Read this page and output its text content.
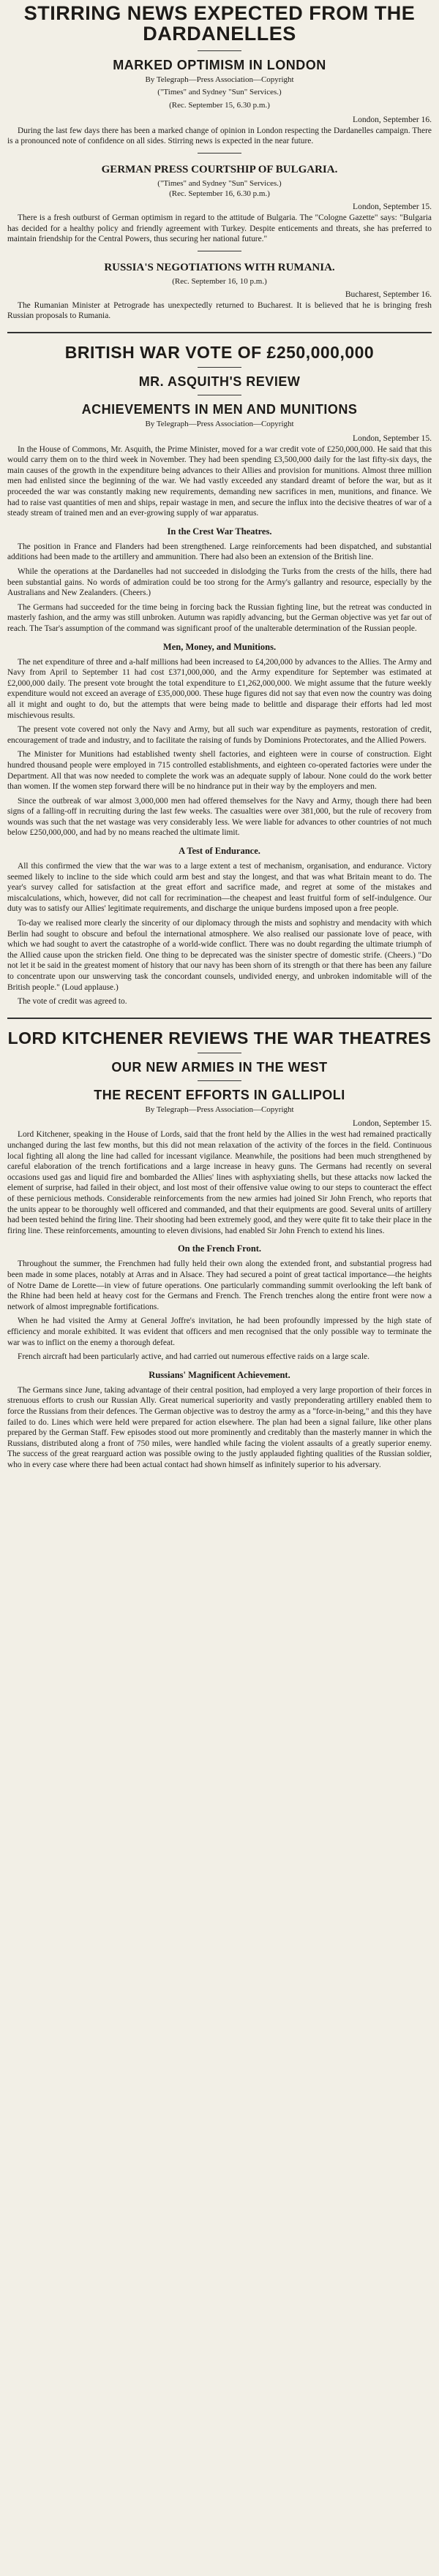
STIRRING NEWS EXPECTED FROM THE DARDANELLES
MARKED OPTIMISM IN LONDON
By Telegraph—Press Association—Copyright
("Times" and Sydney "Sun" Services.)
(Rec. September 15, 6.30 p.m.)
London, September 16.

During the last few days there has been a marked change of opinion in London respecting the Dardanelles campaign. There is a pronounced note of confidence on all sides. Stirring news is expected in the near future.

GERMAN PRESS COURTSHIP OF BULGARIA.
("Times" and Sydney "Sun" Services.)
(Rec. September 16, 6.30 p.m.)
London, September 15.

There is a fresh outburst of German optimism in regard to the attitude of Bulgaria. The "Cologne Gazette" says: "Bulgaria has decided for a healthy policy and friendly agreement with Turkey. Despite enticements and threats, she has preferred to maintain friendship for the Central Powers, thus securing her national future."

RUSSIA'S NEGOTIATIONS WITH RUMANIA.
(Rec. September 16, 10 p.m.)
Bucharest, September 16.

The Rumanian Minister at Petrograde has unexpectedly returned to Bucharest. It is believed that he is bringing fresh Russian proposals to Rumania.

BRITISH WAR VOTE OF £250,000,000
MR. ASQUITH'S REVIEW
ACHIEVEMENTS IN MEN AND MUNITIONS
By Telegraph—Press Association—Copyright
London, September 15.

In the House of Commons, Mr. Asquith, the Prime Minister, moved for a war credit vote of £250,000,000. He said that this would carry them on to the third week in November. They had been spending £3,500,000 daily for the last fifty-six days, the main causes of the growth in the expenditure being advances to their Allies and provision for munitions. Almost three million men had enlisted since the beginning of the war. We had vastly exceeded any standard dreamt of before the war, but as it proceeded the war was constantly making new requirements, demanding new sacrifices in men, munitions, and finance. We had to raise vast quantities of men and ships, repair wastage in men, and secure the influx into the decisive theatres of war of a steady stream of trained men and an ever-growing supply of war apparatus.

In the Crest War Theatres.

The position in France and Flanders had been strengthened. Large reinforcements had been dispatched, and substantial additions had been made to the artillery and ammunition. There had also been an extension of the British line.

While the operations at the Dardanelles had not succeeded in dislodging the Turks from the crests of the hills, there had been substantial gains. No words of admiration could be too strong for the Army's gallantry and resource, especially by the Australians and New Zealanders. (Cheers.)

The Germans had succeeded for the time being in forcing back the Russian fighting line, but the retreat was conducted in masterly fashion, and the army was still unbroken. Autumn was rapidly advancing, but the German objective was yet far out of reach. The Tsar's assumption of the command was significant proof of the unalterable determination of the Russian people.

Men, Money, and Munitions.

The net expenditure of three and a-half millions had been increased to £4,200,000 by advances to the Allies. The Army and Navy from April to September 11 had cost £371,000,000, and the Army expenditure for September was estimated at £2,000,000 daily. The present vote brought the total expenditure to £1,262,000,000. We might assume that the future weekly expenditure would not exceed an average of £35,000,000. These huge figures did not say that even now the country was doing all it might and ought to do, but the attempts that were being made to belittle and disparage their efforts had led most mischievous results.

The present vote covered not only the Navy and Army, but all such war expenditure as payments, restoration of credit, encouragement of trade and industry, and to facilitate the raising of funds by Dominions Protectorates, and the Allied Powers.

The Minister for Munitions had established twenty shell factories, and eighteen were in course of construction. Eight hundred thousand people were employed in 715 controlled establishments, and eighteen co-operated factories were under the Department. All that was now needed to complete the work was an adequate supply of labour. None could do the work better than women. If the women step forward there will be no hindrance put in their way by the employers and men.

Since the outbreak of war almost 3,000,000 men had offered themselves for the Navy and Army, though there had been signs of a falling-off in recruiting during the last few weeks. The casualties were over 381,000, but the rule of recovery from wounds was such that the net wastage was very considerably less. We were liable for advances to other countries of not much below £250,000,000, and had by no means reached the ultimate limit.

A Test of Endurance.

All this confirmed the view that the war was to a large extent a test of mechanism, organisation, and endurance. Victory seemed likely to incline to the side which could arm best and stay the longest, and that was what Britain meant to do. The year's survey called for satisfaction at the great effort and sacrifice made, and regret at some of the mistakes and miscalculations, which, however, did not call for recrimination—the cheapest and least fruitful form of self-indulgence. Our duty was to satisfy our Allies' legitimate requirements, and discharge the unique burdens imposed upon a free people.

To-day we realised more clearly the sincerity of our diplomacy through the mists and sophistry and mendacity with which Berlin had sought to obscure and befoul the international atmosphere. We also realised our passionate love of peace, with which we had sought to avert the catastrophe of a world-wide conflict. There was no doubt regarding the ultimate triumph of the Allied cause upon the stricken field. One thing to be deprecated was the sinister spectre of domestic strife. (Cheers.) "Do not let it be said in the greatest moment of history that our navy has been shorn of its strength or that there has been any failure to concentrate upon our unswerving task the concordant counsels, undivided energy, and unbroken indomitable will of the British people." (Loud applause.)

The vote of credit was agreed to.

LORD KITCHENER REVIEWS THE WAR THEATRES
OUR NEW ARMIES IN THE WEST
THE RECENT EFFORTS IN GALLIPOLI
By Telegraph—Press Association—Copyright
London, September 15.

Lord Kitchener, speaking in the House of Lords, said that the front held by the Allies in the west had remained practically unchanged during the last few months, but this did not mean relaxation of the activity of the forces in the field. Continuous local fighting all along the line had called for incessant vigilance. Meanwhile, the positions had been much strengthened by careful elaboration of the trench fortifications and a large increase in heavy guns. The Germans had recently on several occasions used gas and liquid fire and bombarded the Allies' lines with asphyxiating shells, but these attacks now lacked the element of surprise, had failed in their object, and lost most of their offensive value owing to our steps to counteract the effect of these pernicious methods. Considerable reinforcements from the new armies had joined Sir John French, who reports that the units appear to be thoroughly well officered and commanded, and that their equipments are good. Several units of artillery had been tested behind the firing line. Their shooting had been extremely good, and they were quite fit to take their place in the firing line. These reinforcements, amounting to eleven divisions, had enabled Sir John French to extend his lines.

On the French Front.

Throughout the summer, the Frenchmen had fully held their own along the extended front, and substantial progress had been made in some places, notably at Arras and in Alsace. They had secured a point of great tactical importance—the heights of Notre Dame de Lorette—in view of future operations. One particularly commanding summit overlooking the left bank of the Rhine had been held at heavy cost for the Germans and French. The French trenches along the entire front were now a network of almost impregnable fortifications.

When he had visited the Army at General Joffre's invitation, he had been profoundly impressed by the high state of efficiency and morale exhibited. It was evident that officers and men recognised that the only possible way to terminate the war was to inflict on the enemy a thorough defeat.

French aircraft had been particularly active, and had carried out numerous effective raids on a large scale.

Russians' Magnificent Achievement.

The Germans since June, taking advantage of their central position, had employed a very large proportion of their forces in strenuous efforts to crush our Russian Ally. Great numerical superiority and vastly preponderating artillery enabled them to force the Russians from their defences. The German objective was to destroy the army as a "force-in-being," and this they have failed to do. Lines which were held were prepared for action elsewhere. The plan had been a signal failure, like other plans prepared by the German Staff. Few episodes stood out more prominently and creditably than the masterly manner in which the Russians, distributed along a front of 750 miles, were handled while facing the violent assaults of a greatly superior enemy. The success of the great rearguard action was possible owing to the justly applauded fighting qualities of the Russian soldier, who in every case where there had been actual contact had shown himself as infinitely superior to his adversary.
